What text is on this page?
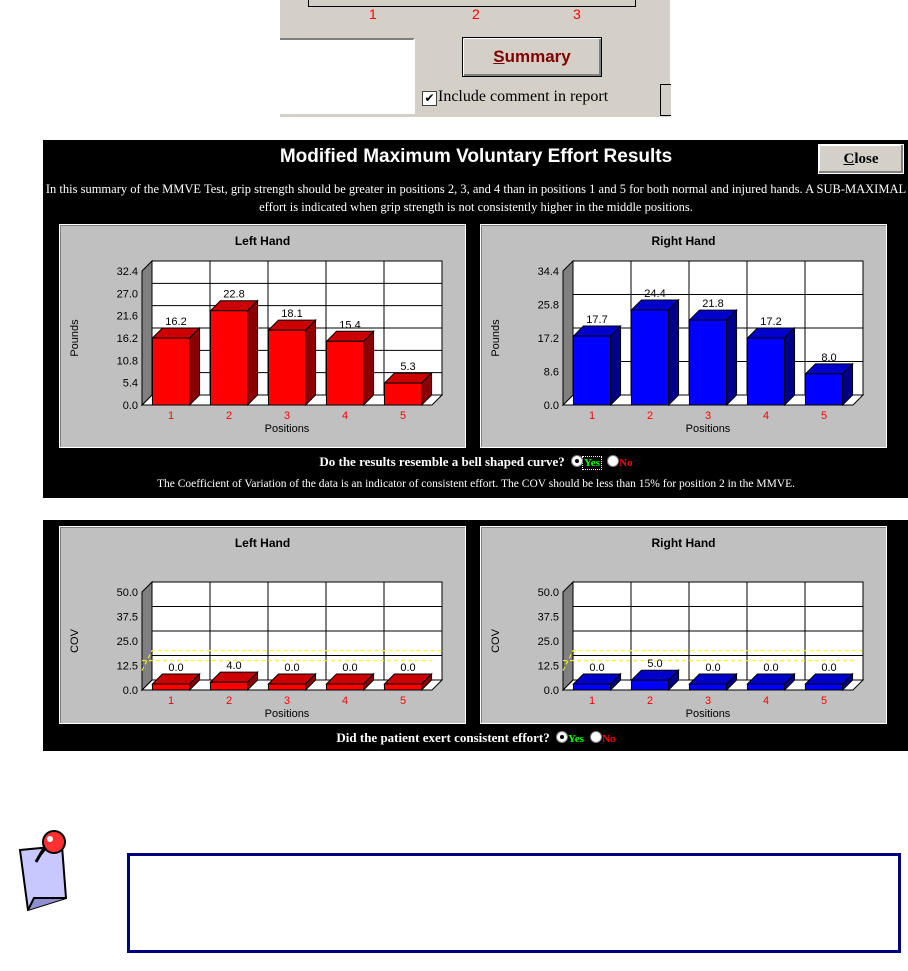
1	2	3
Summary
✔ Include comment in report
Modified Maximum Voluntary Effort Results	Close
In this summary of the MMVE Test, grip strength should be greater in positions 2, 3, and 4 than in positions 1 and 5 for both normal and injured hands. A SUB-MAXIMAL effort is indicated when grip strength is not consistently higher in the middle positions.
Left Hand
0.0
5.4
10.8
16.2
21.6
27.0
32.4
16.2
1
22.8
2
18.1
3
15.4
4
5.3
5
Positions
Pounds
Right Hand
0.0
8.6
17.2
25.8
34.4
17.7
1
24.4
2
21.8
3
17.2
4
8.0
5
Positions
Pounds
Do the results resemble a bell shaped curve? Yes No
The Coefficient of Variation of the data is an indicator of consistent effort. The COV should be less than 15% for position 2 in the MMVE.
Left Hand
0.0
12.5
25.0
37.5
50.0
0.0
1
4.0
2
0.0
3
0.0
4
0.0
5
Positions
COV
Right Hand
0.0
12.5
25.0
37.5
50.0
0.0
1
5.0
2
0.0
3
0.0
4
0.0
5
Positions
COV
Did the patient exert consistent effort? Yes No
